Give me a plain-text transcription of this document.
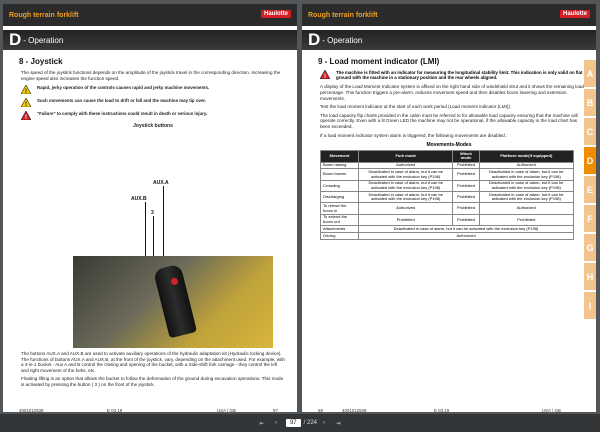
Rough terrain forklift	Haulotte
D - Operation
8 - Joystick

The speed of the joystick functions depends on the amplitude of the joystick travel in the corresponding direction. Increasing the engine speed also increases the function speed.

!
Rapid, jerky operation of the controls causes rapid and jerky machine movements.
!
Such movements can cause the load to drift or fall and the machine may tip over.
!
"Failure" to comply with these instructions could result in death or serious injury.
Joystick buttons
AUX.A
AUX.B
3

The buttons AUX.A and AUX.B are used to activate auxiliary operations of the hydraulic adaptation kit (Hydraulic locking device). The functions of buttons AUX.A and AUX.B, at the front of the joystick, vary, depending on the attachment used. For example, with a 4-in-1 bucket - Aux A and B control the closing and opening of the bucket, with a Side-shift fork carriage - they control the left and right movement of the forks, etc.

Floating lifting is an option that allows the bucket to follow the deformation of the ground during excavation operations. This mode is activated by pressing the button ( 3 ) on the front of the joystick.

4001012538	E 03.19	USA / GB	97
Rough terrain forklift	Haulotte
D - Operation
9 - Load moment indicator (LMI)
!
The machine is fitted with an indicator for measuring the longitudinal stability limit. This indication is only valid on flat ground with the machine in a stationary position and the rear wheels aligned.

A display of the Load Moment Indicator system is affixed on the right hand side of windshield strut and it shows the remaining load percentage. This function triggers a pre-alarm, reduces movement speed and then disables boom lowering and extension movements.

Test the load moment indicator at the start of each work period (Load moment indicator (LMI)).

The load capacity flip charts provided in the cabin must be referred to for allowable load capacity ensuring that the machine will operate correctly. Even with a lit Green LED the machine may not be operational, if the allowable capacity in the load chart has been exceeded.

If a load moment indicator system alarm is triggered, the following movements are disabled :

Movements-Modes
Movement	Fork mode	Winch mode	Platform mode(if equipped)
Boom raising	Authorized	Prohibited	Authorized
Boom lowers	Deactivated in case of alarm, but it can be activated with the exclusion key (P198)	Prohibited	Deactivated in case of alarm, but it can be activated with the exclusion key (P198)
Crowding	Deactivated in case of alarm, but it can be activated with the exclusion key (P198)	Prohibited	Deactivated in case of alarm, but it can be activated with the exclusion key (P198)
Discharging	Deactivated in case of alarm, but it can be activated with the exclusion key (P198)	Prohibited	Deactivated in case of alarm, but it can be activated with the exclusion key (P198)
To retract the boom in	Authorized	Prohibited	Authorized
To extend the boom out	Prohibited	Prohibited	Prohibited
Attachments	Deactivated in case of alarm, but it can be activated with the exclusion key (P198)		
Driving	Authorized		
A
B
C
D
E
F
G
H
I
98	4001012538	E 03.19	USA / GB
⇤	‹	97	/ 224	›	⇥
